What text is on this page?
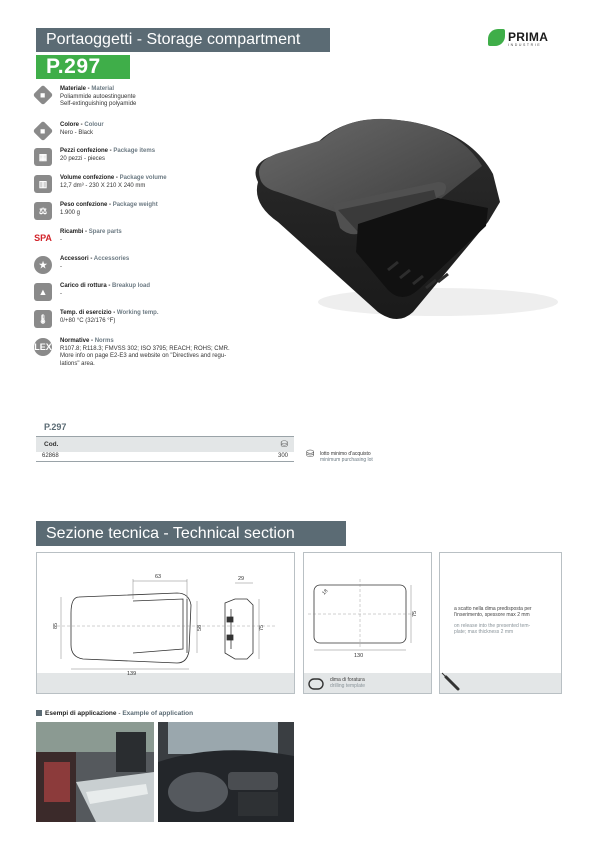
Portaoggetti - Storage compartment
P.297
PRIMA
INDUSTRIE
◆
Materiale - Material
Poliammide autoestinguente
Self-extinguishing polyamide
◆
Colore - Colour
Nero - Black
▦
Pezzi confezione - Package items
20 pezzi - pieces
▥
Volume confezione - Package volume
12,7 dm³ - 230 X 210 X 240 mm
⚖
Peso confezione - Package weight
1.900 g
SPA
Ricambi - Spare parts
-
★
Accessori - Accessories
-
▲
Carico di rottura - Breakup load
-
🌡
Temp. di esercizio - Working temp.
0/+80 °C (32/176 °F)
LEX
Normative - Norms
R107.8; R118.3; FMVSS 302; ISO 3795; REACH; ROHS; CMR.
More info on page E2-E3 and website on "Directives and regu-
lations" area.
P.297
Cod.	⛁
62868	300 ⛁ lotto minimo d'acquisto
minimum purchasing lot
Sezione tecnica - Technical section
63	29
85	58	75
139
18
130
75
dima di foratura
drilling template
a scatto nella dima predisposta per
l'inserimento, spessore max 2 mm
on release into the presented tem-
plate; max thickness 2 mm
Esempi di applicazione - Example of application
